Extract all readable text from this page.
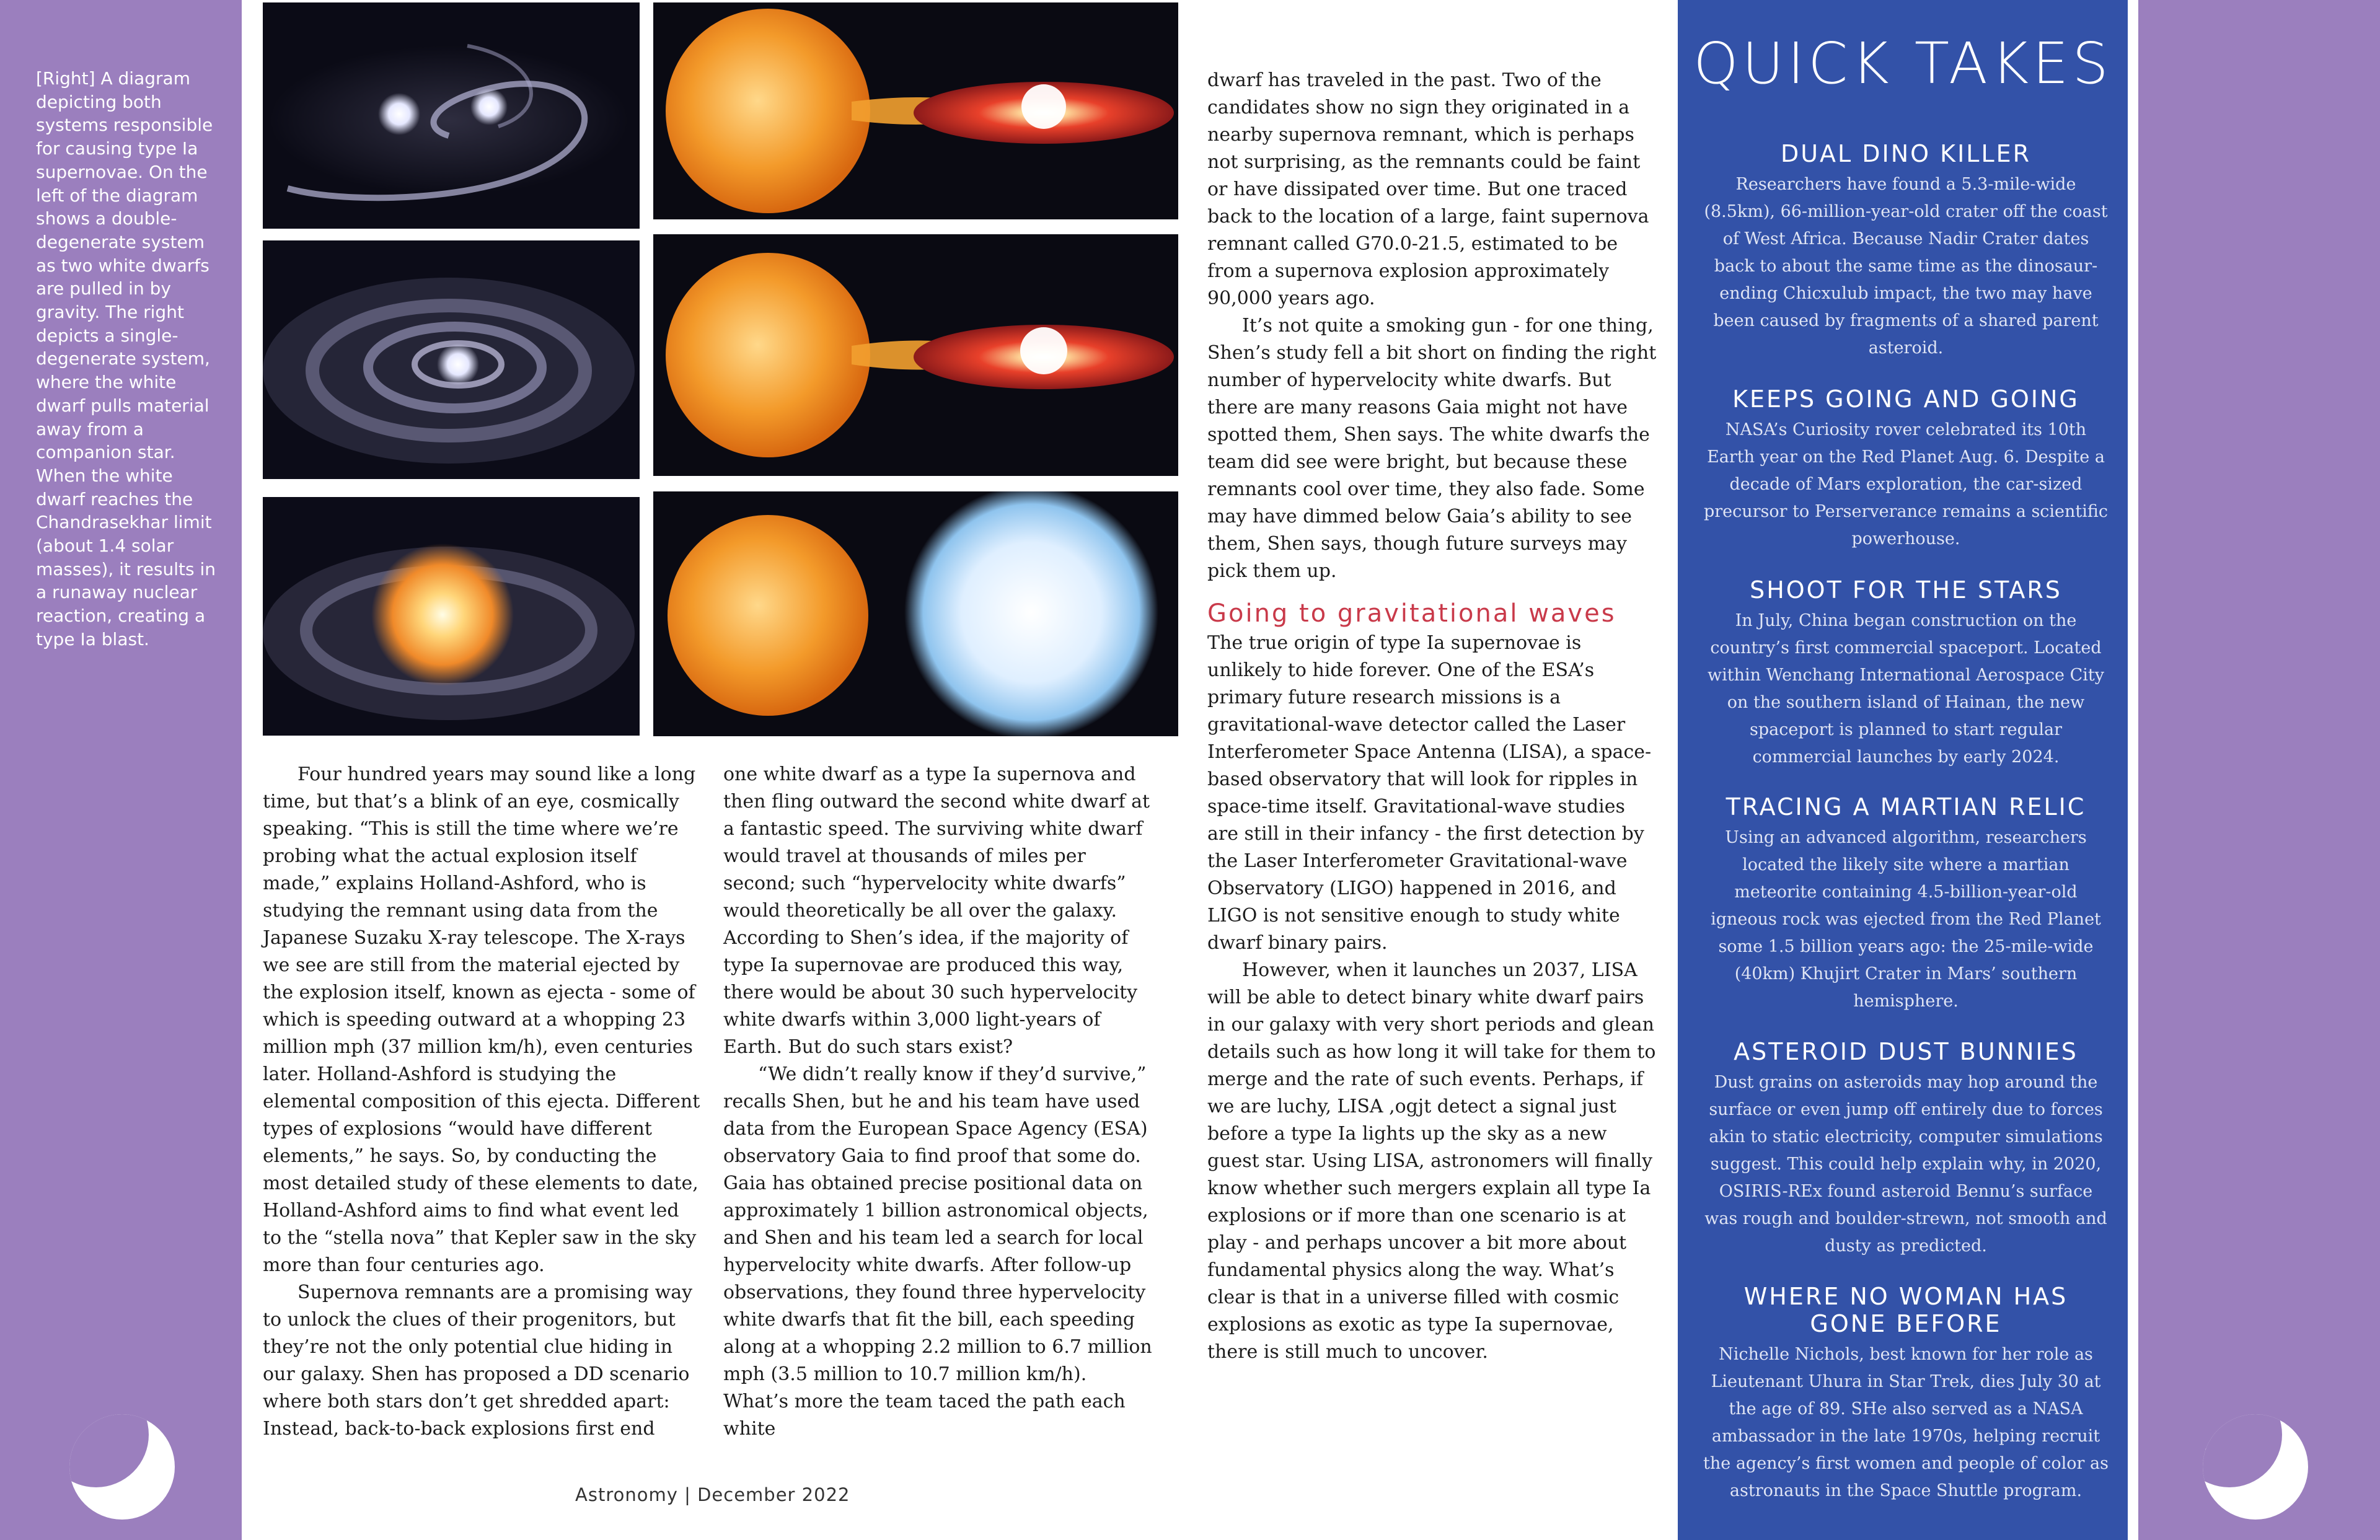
[Right] A diagram depicting both systems responsible for causing type Ia supernovae. On the left of the diagram shows a double-degenerate system as two white dwarfs are pulled in by gravity. The right depicts a single-degenerate system, where the white dwarf pulls material away from a companion star. When the white dwarf reaches the Chandrasekhar limit (about 1.4 solar masses), it results in a runaway nuclear reaction, creating a type Ia blast.

Four hundred years may sound like a long time, but that’s a blink of an eye, cosmically speaking. “This is still the time where we’re probing what the actual explosion itself made,” explains Holland-Ashford, who is studying the remnant using data from the Japanese Suzaku X-ray telescope. The X-rays we see are still from the material ejected by the explosion itself, known as ejecta - some of which is speeding outward at a whopping 23 million mph (37 million km/h), even centuries later. Holland-Ashford is studying the elemental composition of this ejecta. Different types of explosions “would have different elements,” he says. So, by conducting the most detailed study of these elements to date, Holland-Ashford aims to find what event led to the “stella nova” that Kepler saw in the sky more than four centuries ago.

Supernova remnants are a promising way to unlock the clues of their progenitors, but they’re not the only potential clue hiding in our galaxy. Shen has proposed a DD scenario where both stars don’t get shredded apart: Instead, back-to-back explosions first end

one white dwarf as a type Ia supernova and then fling outward the second white dwarf at a fantastic speed. The surviving white dwarf would travel at thousands of miles per second; such “hypervelocity white dwarfs” would theoretically be all over the galaxy. According to Shen’s idea, if the majority of type Ia supernovae are produced this way, there would be about 30 such hypervelocity white dwarfs within 3,000 light-years of Earth. But do such stars exist?

“We didn’t really know if they’d survive,” recalls Shen, but he and his team have used data from the European Space Agency (ESA) observatory Gaia to find proof that some do. Gaia has obtained precise positional data on approximately 1 billion astronomical objects, and Shen and his team led a search for local hypervelocity white dwarfs. After follow-up observations, they found three hypervelocity white dwarfs that fit the bill, each speeding along at a whopping 2.2 million to 6.7 million mph (3.5 million to 10.7 million km/h). What’s more the team taced the path each white

dwarf has traveled in the past. Two of the candidates show no sign they originated in a nearby supernova remnant, which is perhaps not surprising, as the remnants could be faint or have dissipated over time. But one traced back to the location of a large, faint supernova remnant called G70.0-21.5, estimated to be from a supernova explosion approximately 90,000 years ago.

It’s not quite a smoking gun - for one thing, Shen’s study fell a bit short on finding the right number of hypervelocity white dwarfs. But there are many reasons Gaia might not have spotted them, Shen says. The white dwarfs the team did see were bright, but because these remnants cool over time, they also fade. Some may have dimmed below Gaia’s ability to see them, Shen says, though future surveys may pick them up.

Going to gravitational waves

The true origin of type Ia supernovae is unlikely to hide forever. One of the ESA’s primary future research missions is a gravitational-wave detector called the Laser Interferometer Space Antenna (LISA), a space-based observatory that will look for ripples in space-time itself. Gravitational-wave studies are still in their infancy - the first detection by the Laser Interferometer Gravitational-wave Observatory (LIGO) happened in 2016, and LIGO is not sensitive enough to study white dwarf binary pairs.

However, when it launches un 2037, LISA will be able to detect binary white dwarf pairs in our galaxy with very short periods and glean details such as how long it will take for them to merge and the rate of such events. Perhaps, if we are luchy, LISA ,ogjt detect a signal just before a type Ia lights up the sky as a new guest star. Using LISA, astronomers will finally know whether such mergers explain all type Ia explosions or if more than one scenario is at play - and perhaps uncover a bit more about fundamental physics along the way. What’s clear is that in a universe filled with cosmic explosions as exotic as type Ia supernovae, there is still much to uncover.

Astronomy | December 2022
QUICK TAKES
DUAL DINO KILLER

Researchers have found a 5.3-mile-wide (8.5km), 66-million-year-old crater off the coast of West Africa. Because Nadir Crater dates back to about the same time as the dinosaur-ending Chicxulub impact, the two may have been caused by fragments of a shared parent asteroid.

KEEPS GOING AND GOING

NASA’s Curiosity rover celebrated its 10th Earth year on the Red Planet Aug. 6. Despite a decade of Mars exploration, the car-sized precursor to Perserverance remains a scientific powerhouse.

SHOOT FOR THE STARS

In July, China began construction on the country’s first commercial spaceport. Located within Wenchang International Aerospace City on the southern island of Hainan, the new spaceport is planned to start regular commercial launches by early 2024.

TRACING A MARTIAN RELIC

Using an advanced algorithm, researchers located the likely site where a martian meteorite containing 4.5-billion-year-old igneous rock was ejected from the Red Planet some 1.5 billion years ago: the 25-mile-wide (40km) Khujirt Crater in Mars’ southern hemisphere.

ASTEROID DUST BUNNIES

Dust grains on asteroids may hop around the surface or even jump off entirely due to forces akin to static electricity, computer simulations suggest. This could help explain why, in 2020, OSIRIS-REx found asteroid Bennu’s surface was rough and boulder-strewn, not smooth and dusty as predicted.

WHERE NO WOMAN HAS GONE BEFORE

Nichelle Nichols, best known for her role as Lieutenant Uhura in Star Trek, dies July 30 at the age of 89. SHe also served as a NASA ambassador in the late 1970s, helping recruit the agency’s first women and people of color as astronauts in the Space Shuttle program.
